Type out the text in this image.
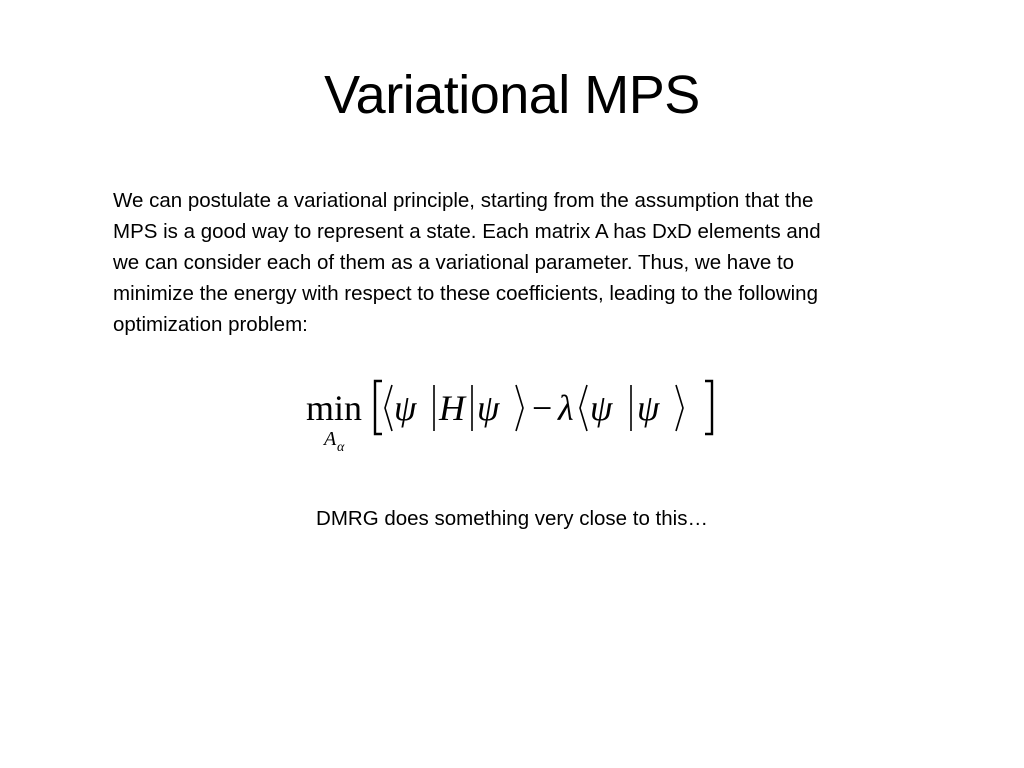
Variational MPS
We can postulate a variational principle, starting from the assumption that the
MPS is a good way to represent a state. Each matrix A has DxD elements and
we can consider each of them as a variational parameter. Thus, we have to
minimize the energy with respect to these coefficients, leading to the following
optimization problem:
min
A α
ψ H ψ − λ ψ ψ
DMRG does something very close to this…
